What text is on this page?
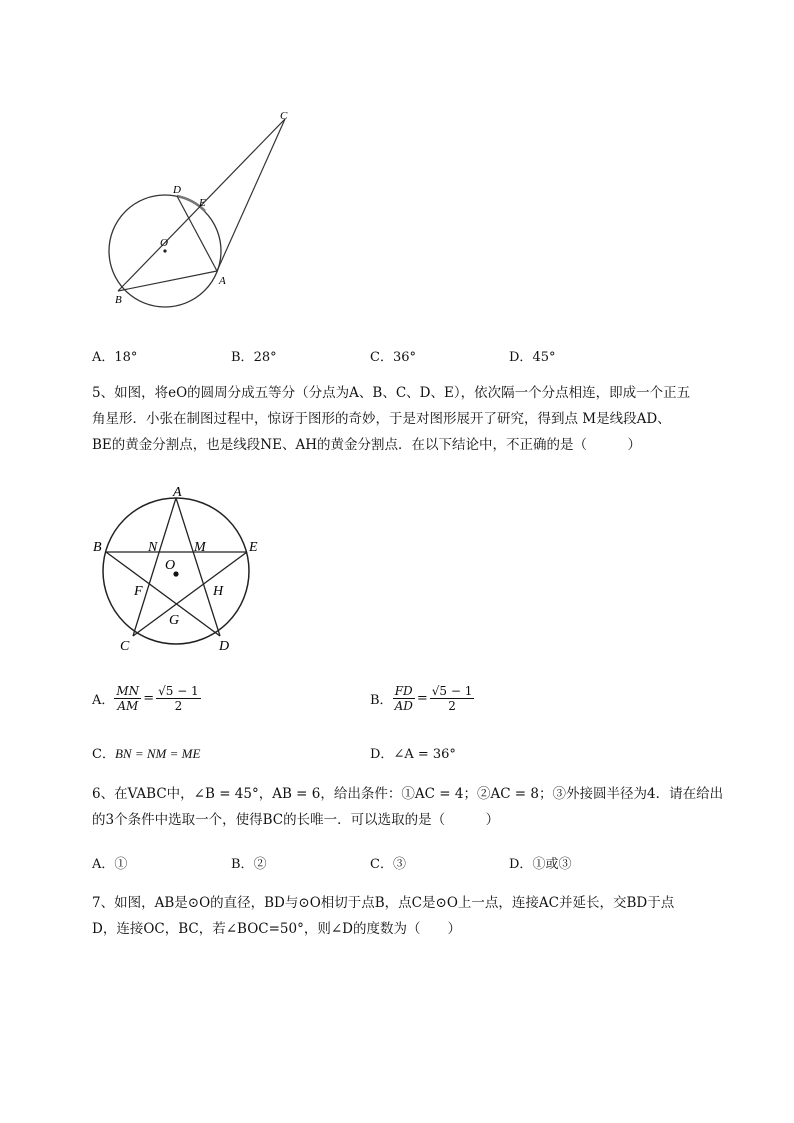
C
D
E
O
A
B
A．18°	B．28°	C．36°	D．45°
5、如图，将eO的圆周分成五等分（分点为A、B、C、D、E），依次隔一个分点相连，即成一个正五
角星形．小张在制图过程中，惊讶于图形的奇妙，于是对图形展开了研究，得到点 M是线段AD、
BE的黄金分割点，也是线段NE、AH的黄金分割点．在以下结论中，不正确的是（　　　）
A
B	E
N	M
O
F	H
G
C	D
A． $\frac{MN}{AM} = \frac{√5 - 1}{2}$	B． $\frac{FD}{AD} = \frac{√5 - 1}{2}$
C．BN = NM = ME	D．∠A = 36°
6、在VABC中，∠B = 45°，AB = 6，给出条件：①AC = 4；②AC = 8；③外接圆半径为4．请在给出
的3个条件中选取一个，使得BC的长唯一．可以选取的是（　　　）
A．①	B．②	C．③	D．①或③
7、如图，AB是⊙O的直径，BD与⊙O相切于点B，点C是⊙O上一点，连接AC并延长，交BD于点
D，连接OC，BC，若∠BOC=50°，则∠D的度数为（　　）
